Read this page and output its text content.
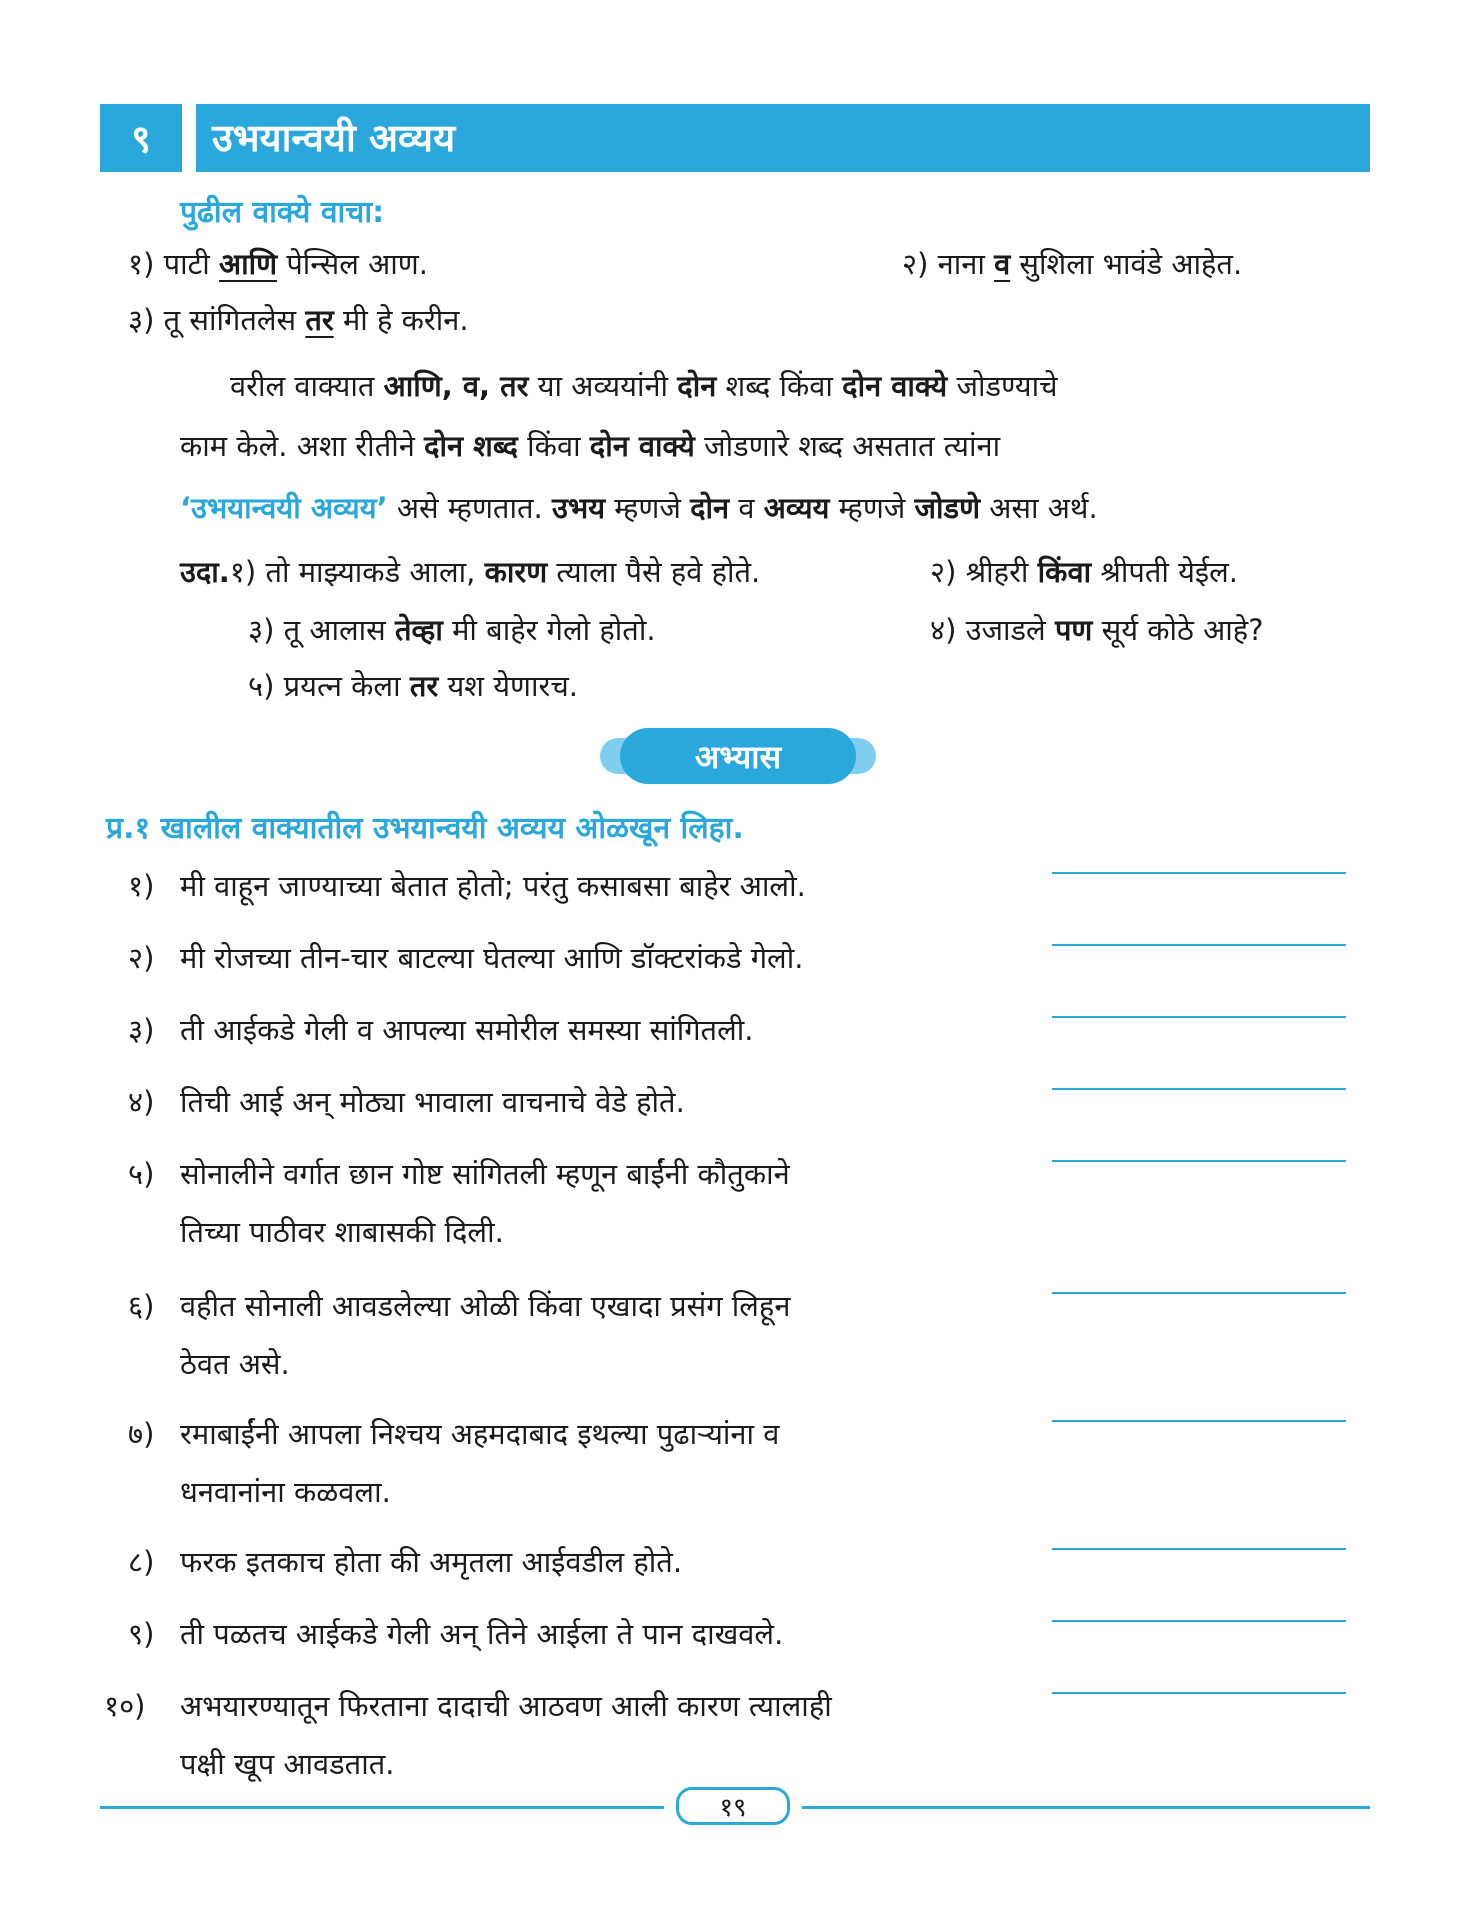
९	उभयान्वयी अव्यय
पुढील वाक्ये वाचा:
१) पाटी आणि पेन्सिल आण.	२) नाना व सुशिला भावंडे आहेत.
३) तू सांगितलेस तर मी हे करीन.
वरील वाक्यात आणि, व, तर या अव्ययांनी दोन शब्द किंवा दोन वाक्ये जोडण्याचे
काम केले. अशा रीतीने दोन शब्द किंवा दोन वाक्ये जोडणारे शब्द असतात त्यांना
‘उभयान्वयी अव्यय’ असे म्हणतात. उभय म्हणजे दोन व अव्यय म्हणजे जोडणे असा अर्थ.
उदा.१) तो माझ्याकडे आला, कारण त्याला पैसे हवे होते.	२) श्रीहरी किंवा श्रीपती येईल.
३) तू आलास तेव्हा मी बाहेर गेलो होतो.	४) उजाडले पण सूर्य कोठे आहे?
५) प्रयत्न केला तर यश येणारच.
अभ्यास
प्र.१ खालील वाक्यातील उभयान्वयी अव्यय ओळखून लिहा.
१) मी वाहून जाण्याच्या बेतात होतो; परंतु कसाबसा बाहेर आलो.
२) मी रोजच्या तीन-चार बाटल्या घेतल्या आणि डॉक्टरांकडे गेलो.
३) ती आईकडे गेली व आपल्या समोरील समस्या सांगितली.
४) तिची आई अन् मोठ्या भावाला वाचनाचे वेडे होते.
५) सोनालीने वर्गात छान गोष्ट सांगितली म्हणून बाईंनी कौतुकाने
तिच्या पाठीवर शाबासकी दिली.
६) वहीत सोनाली आवडलेल्या ओळी किंवा एखादा प्रसंग लिहून
ठेवत असे.
७) रमाबाईंनी आपला निश्चय अहमदाबाद इथल्या पुढाऱ्यांना व
धनवानांना कळवला.
८) फरक इतकाच होता की अमृतला आईवडील होते.
९) ती पळतच आईकडे गेली अन् तिने आईला ते पान दाखवले.
१०) अभयारण्यातून फिरताना दादाची आठवण आली कारण त्यालाही
पक्षी खूप आवडतात.
१९
